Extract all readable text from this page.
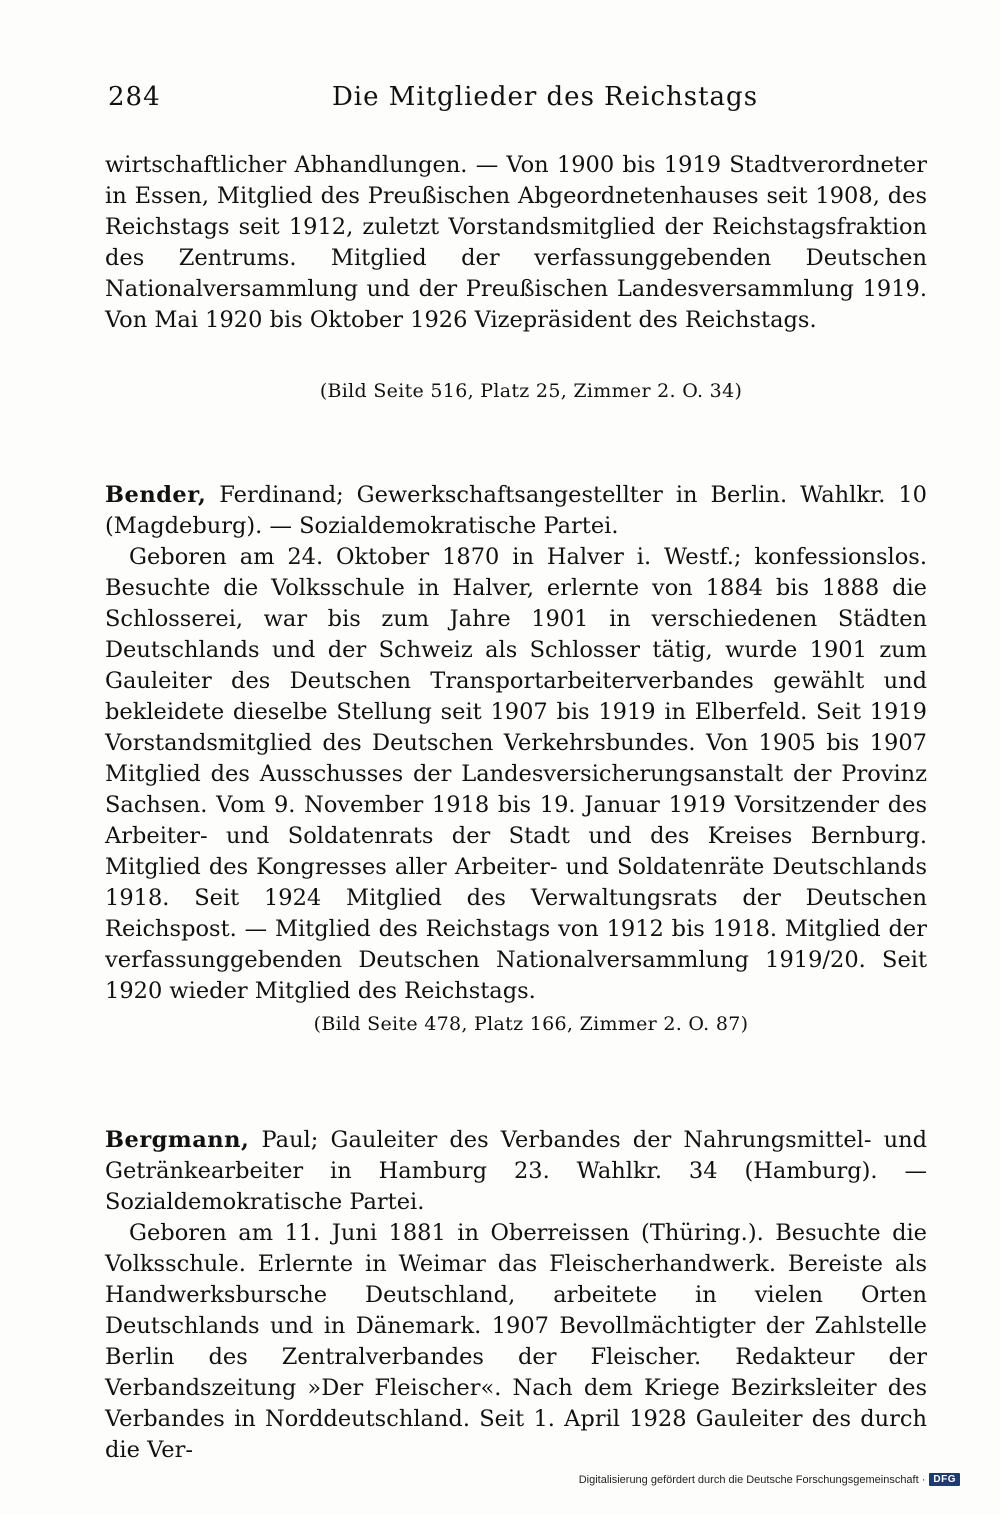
284	Die Mitglieder des Reichstags

wirtschaftlicher Abhandlungen. — Von 1900 bis 1919 Stadtverordneter in Essen, Mitglied des Preußischen Abgeordnetenhauses seit 1908, des Reichstags seit 1912, zuletzt Vorstandsmitglied der Reichstagsfraktion des Zentrums. Mitglied der verfassunggebenden Deutschen Nationalversammlung und der Preußischen Landesversammlung 1919. Von Mai 1920 bis Oktober 1926 Vizepräsident des Reichstags.

(Bild Seite 516, Platz 25, Zimmer 2. O. 34)

Bender, Ferdinand; Gewerkschaftsangestellter in Berlin. Wahlkr. 10 (Magdeburg). — Sozialdemokratische Partei.

Geboren am 24. Oktober 1870 in Halver i. Westf.; konfessionslos. Besuchte die Volksschule in Halver, erlernte von 1884 bis 1888 die Schlosserei, war bis zum Jahre 1901 in verschiedenen Städten Deutschlands und der Schweiz als Schlosser tätig, wurde 1901 zum Gauleiter des Deutschen Transportarbeiterverbandes gewählt und bekleidete dieselbe Stellung seit 1907 bis 1919 in Elberfeld. Seit 1919 Vorstandsmitglied des Deutschen Verkehrsbundes. Von 1905 bis 1907 Mitglied des Ausschusses der Landesversicherungsanstalt der Provinz Sachsen. Vom 9. November 1918 bis 19. Januar 1919 Vorsitzender des Arbeiter- und Soldatenrats der Stadt und des Kreises Bernburg. Mitglied des Kongresses aller Arbeiter- und Soldatenräte Deutschlands 1918. Seit 1924 Mitglied des Verwaltungsrats der Deutschen Reichspost. — Mitglied des Reichstags von 1912 bis 1918. Mitglied der verfassunggebenden Deutschen Nationalversammlung 1919/20. Seit 1920 wieder Mitglied des Reichstags.

(Bild Seite 478, Platz 166, Zimmer 2. O. 87)

Bergmann, Paul; Gauleiter des Verbandes der Nahrungsmittel- und Getränkearbeiter in Hamburg 23. Wahlkr. 34 (Hamburg). — Sozialdemokratische Partei.

Geboren am 11. Juni 1881 in Oberreissen (Thüring.). Besuchte die Volksschule. Erlernte in Weimar das Fleischerhandwerk. Bereiste als Handwerksbursche Deutschland, arbeitete in vielen Orten Deutschlands und in Dänemark. 1907 Bevollmächtigter der Zahlstelle Berlin des Zentralverbandes der Fleischer. Redakteur der Verbandszeitung »Der Fleischer«. Nach dem Kriege Bezirksleiter des Verbandes in Norddeutschland. Seit 1. April 1928 Gauleiter des durch die Ver-

Digitalisierung gefördert durch die Deutsche Forschungsgemeinschaft · DFG
